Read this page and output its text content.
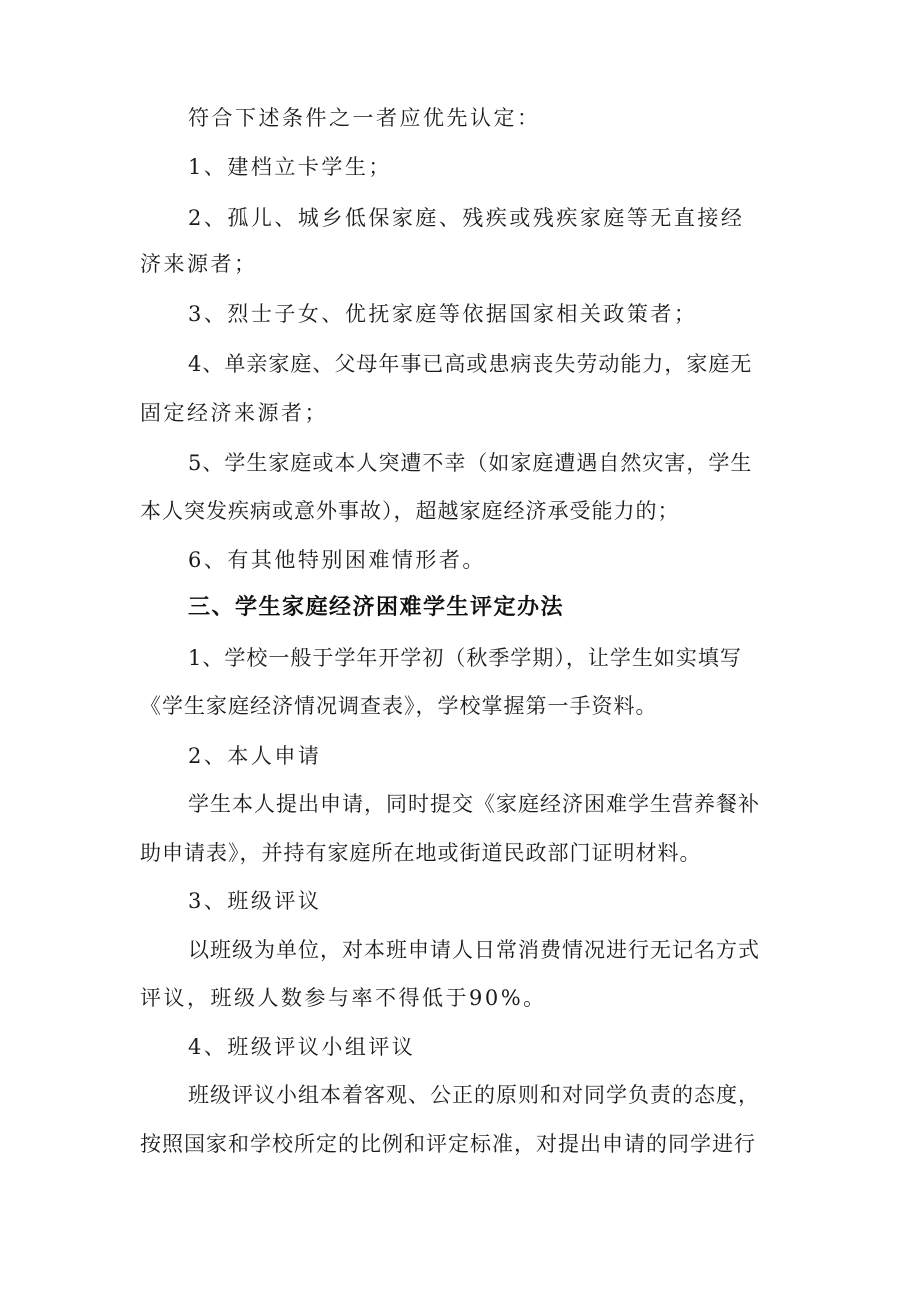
符合下述条件之一者应优先认定：
1、建档立卡学生；
2、孤儿、城乡低保家庭、残疾或残疾家庭等无直接经
济来源者；
3、烈士子女、优抚家庭等依据国家相关政策者；
4、单亲家庭、父母年事已高或患病丧失劳动能力，家庭无
固定经济来源者；
5、学生家庭或本人突遭不幸（如家庭遭遇自然灾害，学生
本人突发疾病或意外事故），超越家庭经济承受能力的；
6、有其他特别困难情形者。
三、学生家庭经济困难学生评定办法
1、学校一般于学年开学初（秋季学期），让学生如实填写
《学生家庭经济情况调查表》，学校掌握第一手资料。
2、本人申请
学生本人提出申请，同时提交《家庭经济困难学生营养餐补
助申请表》，并持有家庭所在地或街道民政部门证明材料。
3、班级评议
以班级为单位，对本班申请人日常消费情况进行无记名方式
评议，班级人数参与率不得低于90%。
4、班级评议小组评议
班级评议小组本着客观、公正的原则和对同学负责的态度，
按照国家和学校所定的比例和评定标准，对提出申请的同学进行
